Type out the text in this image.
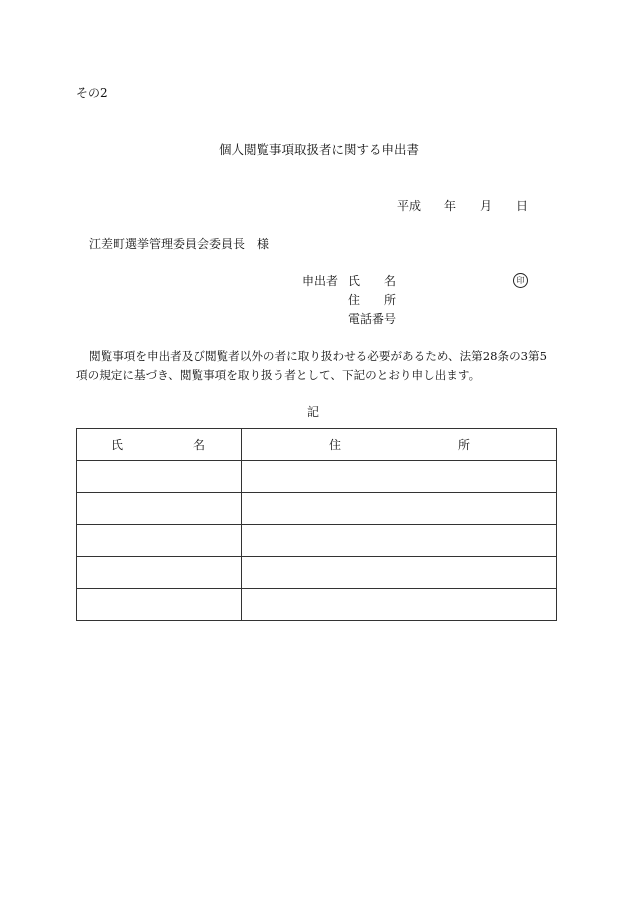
その2
個人閲覧事項取扱者に関する申出書
平成 年 月 日
江差町選挙管理委員会委員長　様
申出者 氏 名	印
住 所
電話番号
閲覧事項を申出者及び閲覧者以外の者に取り扱わせる必要があるため、法第28条の3第5
項の規定に基づき、閲覧事項を取り扱う者として、下記のとおり申し出ます。
記
氏 名	住 所
